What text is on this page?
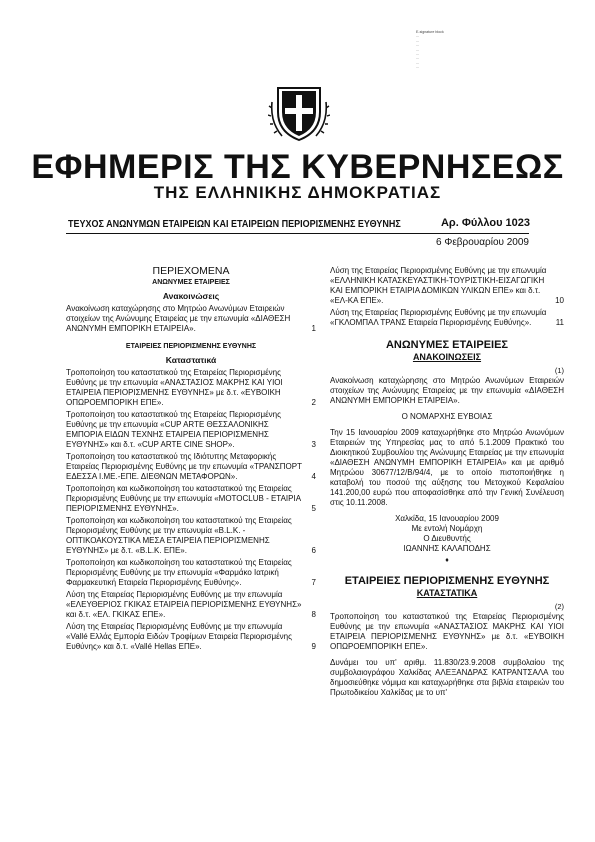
E-signature block
...
...
...
...
...
...
...
...
ΕΦΗΜΕΡΙΣ ΤΗΣ ΚΥΒΕΡΝΗΣΕΩΣ
ΤΗΣ ΕΛΛΗΝΙΚΗΣ ΔΗΜΟΚΡΑΤΙΑΣ
ΤΕΥΧΟΣ ΑΝΩΝΥΜΩΝ ΕΤΑΙΡΕΙΩΝ ΚΑΙ ΕΤΑΙΡΕΙΩΝ ΠΕΡΙΟΡΙΣΜΕΝΗΣ ΕΥΘΥΝΗΣ	Αρ. Φύλλου 1023
6 Φεβρουαρίου 2009
ΠΕΡΙΕΧΟΜΕΝΑ
ΑΝΩΝΥΜΕΣ ΕΤΑΙΡΕΙΕΣ
Ανακοινώσεις
Ανακοίνωση καταχώρησης στο Μητρώο Ανωνύμων Εταιρειών στοιχείων της Ανώνυμης Εταιρείας με την επωνυμία «ΔΙΑΘΕΣΗ ΑΝΩΝΥΜΗ ΕΜΠΟΡΙΚΗ ΕΤΑΙΡΕΙΑ».	1
ΕΤΑΙΡΕΙΕΣ ΠΕΡΙΟΡΙΣΜΕΝΗΣ ΕΥΘΥΝΗΣ
Καταστατικά
Τροποποίηση του καταστατικού της Εταιρείας Περιορισμένης Ευθύνης με την επωνυμία «ΑΝΑΣΤΑΣΙΟΣ ΜΑΚΡΗΣ ΚΑΙ ΥΙΟΙ ΕΤΑΙΡΕΙΑ ΠΕΡΙΟΡΙΣΜΕΝΗΣ ΕΥΘΥΝΗΣ» με δ.τ. «ΕΥΒΟΙΚΗ ΟΠΩΡΟΕΜΠΟΡΙΚΗ ΕΠΕ».	2
Τροποποίηση του καταστατικού της Εταιρείας Περιορισμένης Ευθύνης με την επωνυμία «CUP ARTE ΘΕΣΣΑΛΟΝΙΚΗΣ ΕΜΠΟΡΙΑ ΕΙΔΩΝ ΤΕΧΝΗΣ ΕΤΑΙΡΕΙΑ ΠΕΡΙΟΡΙΣΜΕΝΗΣ ΕΥΘΥΝΗΣ» και δ.τ. «CUP ARTE CINE SHOP».	3
Τροποποίηση του καταστατικού της Ιδιότυπης Μεταφορικής Εταιρείας Περιορισμένης Ευθύνης με την επωνυμία «ΤΡΑΝΣΠΟΡΤ ΕΔΕΣΣΑ Ι.ΜΕ.-ΕΠΕ. ΔΙΕΘΝΩΝ ΜΕΤΑΦΟΡΩΝ».	4
Τροποποίηση και κωδικοποίηση του καταστατικού της Εταιρείας Περιορισμένης Ευθύνης με την επωνυμία «MOTOCLUB - ΕΤΑΙΡΙΑ ΠΕΡΙΟΡΙΣΜΕΝΗΣ ΕΥΘΥΝΗΣ».	5
Τροποποίηση και κωδικοποίηση του καταστατικού της Εταιρείας Περιορισμένης Ευθύνης με την επωνυμία «B.L.K. - ΟΠΤΙΚΟΑΚΟΥΣΤΙΚΑ ΜΕΣΑ ΕΤΑΙΡΕΙΑ ΠΕΡΙΟΡΙΣΜΕΝΗΣ ΕΥΘΥΝΗΣ» με δ.τ. «B.L.K. ΕΠΕ».	6
Τροποποίηση και κωδικοποίηση του καταστατικού της Εταιρείας Περιορισμένης Ευθύνης με την επωνυμία «Φαρμάκο Ιατρική Φαρμακευτική Εταιρεία Περιορισμένης Ευθύνης».	7
Λύση της Εταιρείας Περιορισμένης Ευθύνης με την επωνυμία «ΕΛΕΥΘΕΡΙΟΣ ΓΚΙΚΑΣ ΕΤΑΙΡΕΙΑ ΠΕΡΙΟΡΙΣΜΕΝΗΣ ΕΥΘΥΝΗΣ» και δ.τ. «ΕΛ. ΓΚΙΚΑΣ ΕΠΕ».	8
Λύση της Εταιρείας Περιορισμένης Ευθύνης με την επωνυμία «Vallé Ελλάς Εμπορία Ειδών Τροφίμων Εταιρεία Περιορισμένης Ευθύνης» και δ.τ. «Vallé Hellas ΕΠΕ».	9
Λύση της Εταιρείας Περιορισμένης Ευθύνης με την επωνυμία «ΕΛΛΗΝΙΚΗ ΚΑΤΑΣΚΕΥΑΣΤΙΚΗ-ΤΟΥΡΙΣΤΙΚΗ-ΕΙΣΑΓΩΓΙΚΗ ΚΑΙ ΕΜΠΟΡΙΚΗ ΕΤΑΙΡΙΑ ΔΟΜΙΚΩΝ ΥΛΙΚΩΝ ΕΠΕ» και δ.τ. «ΕΛ-ΚΑ ΕΠΕ».	10
Λύση της Εταιρείας Περιορισμένης Ευθύνης με την επωνυμία «ΓΚΛΟΜΠΑΛ ΤΡΑΝΣ Εταιρεία Περιορισμένης Ευθύνης».	11
ΑΝΩΝΥΜΕΣ ΕΤΑΙΡΕΙΕΣ
ΑΝΑΚΟΙΝΩΣΕΙΣ
(1)

Ανακοίνωση καταχώρησης στο Μητρώο Ανωνύμων Εταιρειών στοιχείων της Ανώνυμης Εταιρείας με την επωνυμία «ΔΙΑΘΕΣΗ ΑΝΩΝΥΜΗ ΕΜΠΟΡΙΚΗ ΕΤΑΙΡΕΙΑ».

Ο ΝΟΜΑΡΧΗΣ ΕΥΒΟΙΑΣ

Την 15 Ιανουαρίου 2009 καταχωρήθηκε στο Μητρώο Ανωνύμων Εταιρειών της Υπηρεσίας μας το από 5.1.2009 Πρακτικό του Διοικητικού Συμβουλίου της Ανώνυμης Εταιρείας με την επωνυμία «ΔΙΑΘΕΣΗ ΑΝΩΝΥΜΗ ΕΜΠΟΡΙΚΗ ΕΤΑΙΡΕΙΑ» και με αριθμό Μητρώου 30677/12/Β/94/4, με το οποίο πιστοποιήθηκε η καταβολή του ποσού της αύξησης του Μετοχικού Κεφαλαίου 141.200,00 ευρώ που αποφασίσθηκε από την Γενική Συνέλευση στις 10.11.2008.

Χαλκίδα, 15 Ιανουαρίου 2009

Με εντολή Νομάρχη

Ο Διευθυντής

ΙΩΑΝΝΗΣ ΚΑΛΑΠΟΔΗΣ

♦
ΕΤΑΙΡΕΙΕΣ ΠΕΡΙΟΡΙΣΜΕΝΗΣ ΕΥΘΥΝΗΣ
ΚΑΤΑΣΤΑΤΙΚΑ
(2)

Τροποποίηση του καταστατικού της Εταιρείας Περιορισμένης Ευθύνης με την επωνυμία «ΑΝΑΣΤΑΣΙΟΣ ΜΑΚΡΗΣ ΚΑΙ ΥΙΟΙ ΕΤΑΙΡΕΙΑ ΠΕΡΙΟΡΙΣΜΕΝΗΣ ΕΥΘΥΝΗΣ» με δ.τ. «ΕΥΒΟΙΚΗ ΟΠΩΡΟΕΜΠΟΡΙΚΗ ΕΠΕ».

Δυνάμει του υπ' αριθμ. 11.830/23.9.2008 συμβολαίου της συμβολαιογράφου Χαλκίδας ΑΛΕΞΑΝΔΡΑΣ ΚΑΤΡΑΝΤΣΑΛΑ του δημοσιεύθηκε νόμιμα και καταχωρήθηκε στα βιβλία εταιρειών του Πρωτοδικείου Χαλκίδας με το υπ'
